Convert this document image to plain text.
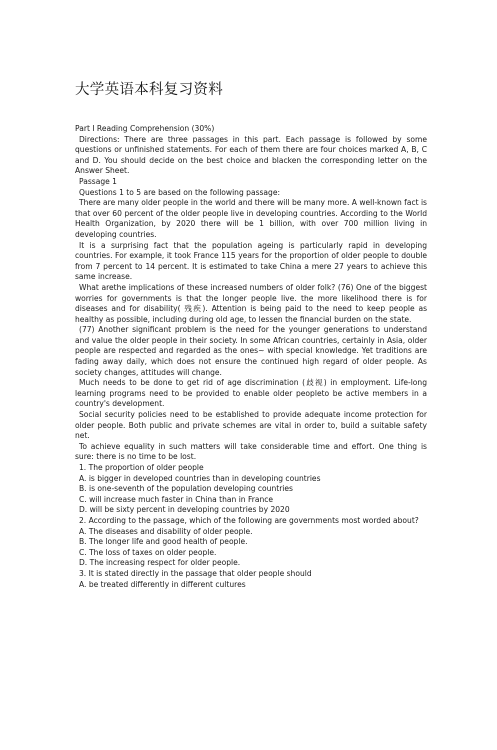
大学英语本科复习资料

Part I Reading Comprehension (30%)

Directions: There are three passages in this part. Each passage is followed by some questions or unfinished statements. For each of them there are four choices marked A, B, C and D. You should decide on the best choice and blacken the corresponding letter on the Answer Sheet.

Passage 1

Questions 1 to 5 are based on the following passage:

There are many older people in the world and there will be many more. A well-known fact is that over 60 percent of the older people live in developing countries. According to the World Health Organization, by 2020 there will be 1 billion, with over 700 million living in developing countries.

It is a surprising fact that the population ageing is particularly rapid in developing countries. For example, it took France 115 years for the proportion of older people to double from 7 percent to 14 percent. It is estimated to take China a mere 27 years to achieve this same increase.

What arethe implications of these increased numbers of older folk? (76) One of the biggest worries for governments is that the longer people live. the more likelihood there is for diseases and for disability( 残疾). Attention is being paid to the need to keep people as healthy as possible, including during old age, to lessen the financial burden on the state.

(77) Another significant problem is the need for the younger generations to understand and value the older people in their society. In some African countries, certainly in Asia, older people are respected and regarded as the ones~ with special knowledge. Yet traditions are fading away daily, which does not ensure the continued high regard of older people. As society changes, attitudes will change.

Much needs to be done to get rid of age discrimination (歧视) in employment. Life-long learning programs need to be provided to enable older peopleto be active members in a country's development.

Social security policies need to be established to provide adequate income protection for older people. Both public and private schemes are vital in order to, build a suitable safety net.

To achieve equality in such matters will take considerable time and effort. One thing is sure: there is no time to be lost.

1. The proportion of older people

A. is bigger in developed countries than in developing countries

B. is one-seventh of the population developing countries

C. will increase much faster in China than in France

D. will be sixty percent in developing countries by 2020

2. According to the passage, which of the following are governments most worded about?

A. The diseases and disability of older people.

B. The longer life and good health of people.

C. The loss of taxes on older people.

D. The increasing respect for older people.

3. It is stated directly in the passage that older people should

A. be treated differently in different cultures
